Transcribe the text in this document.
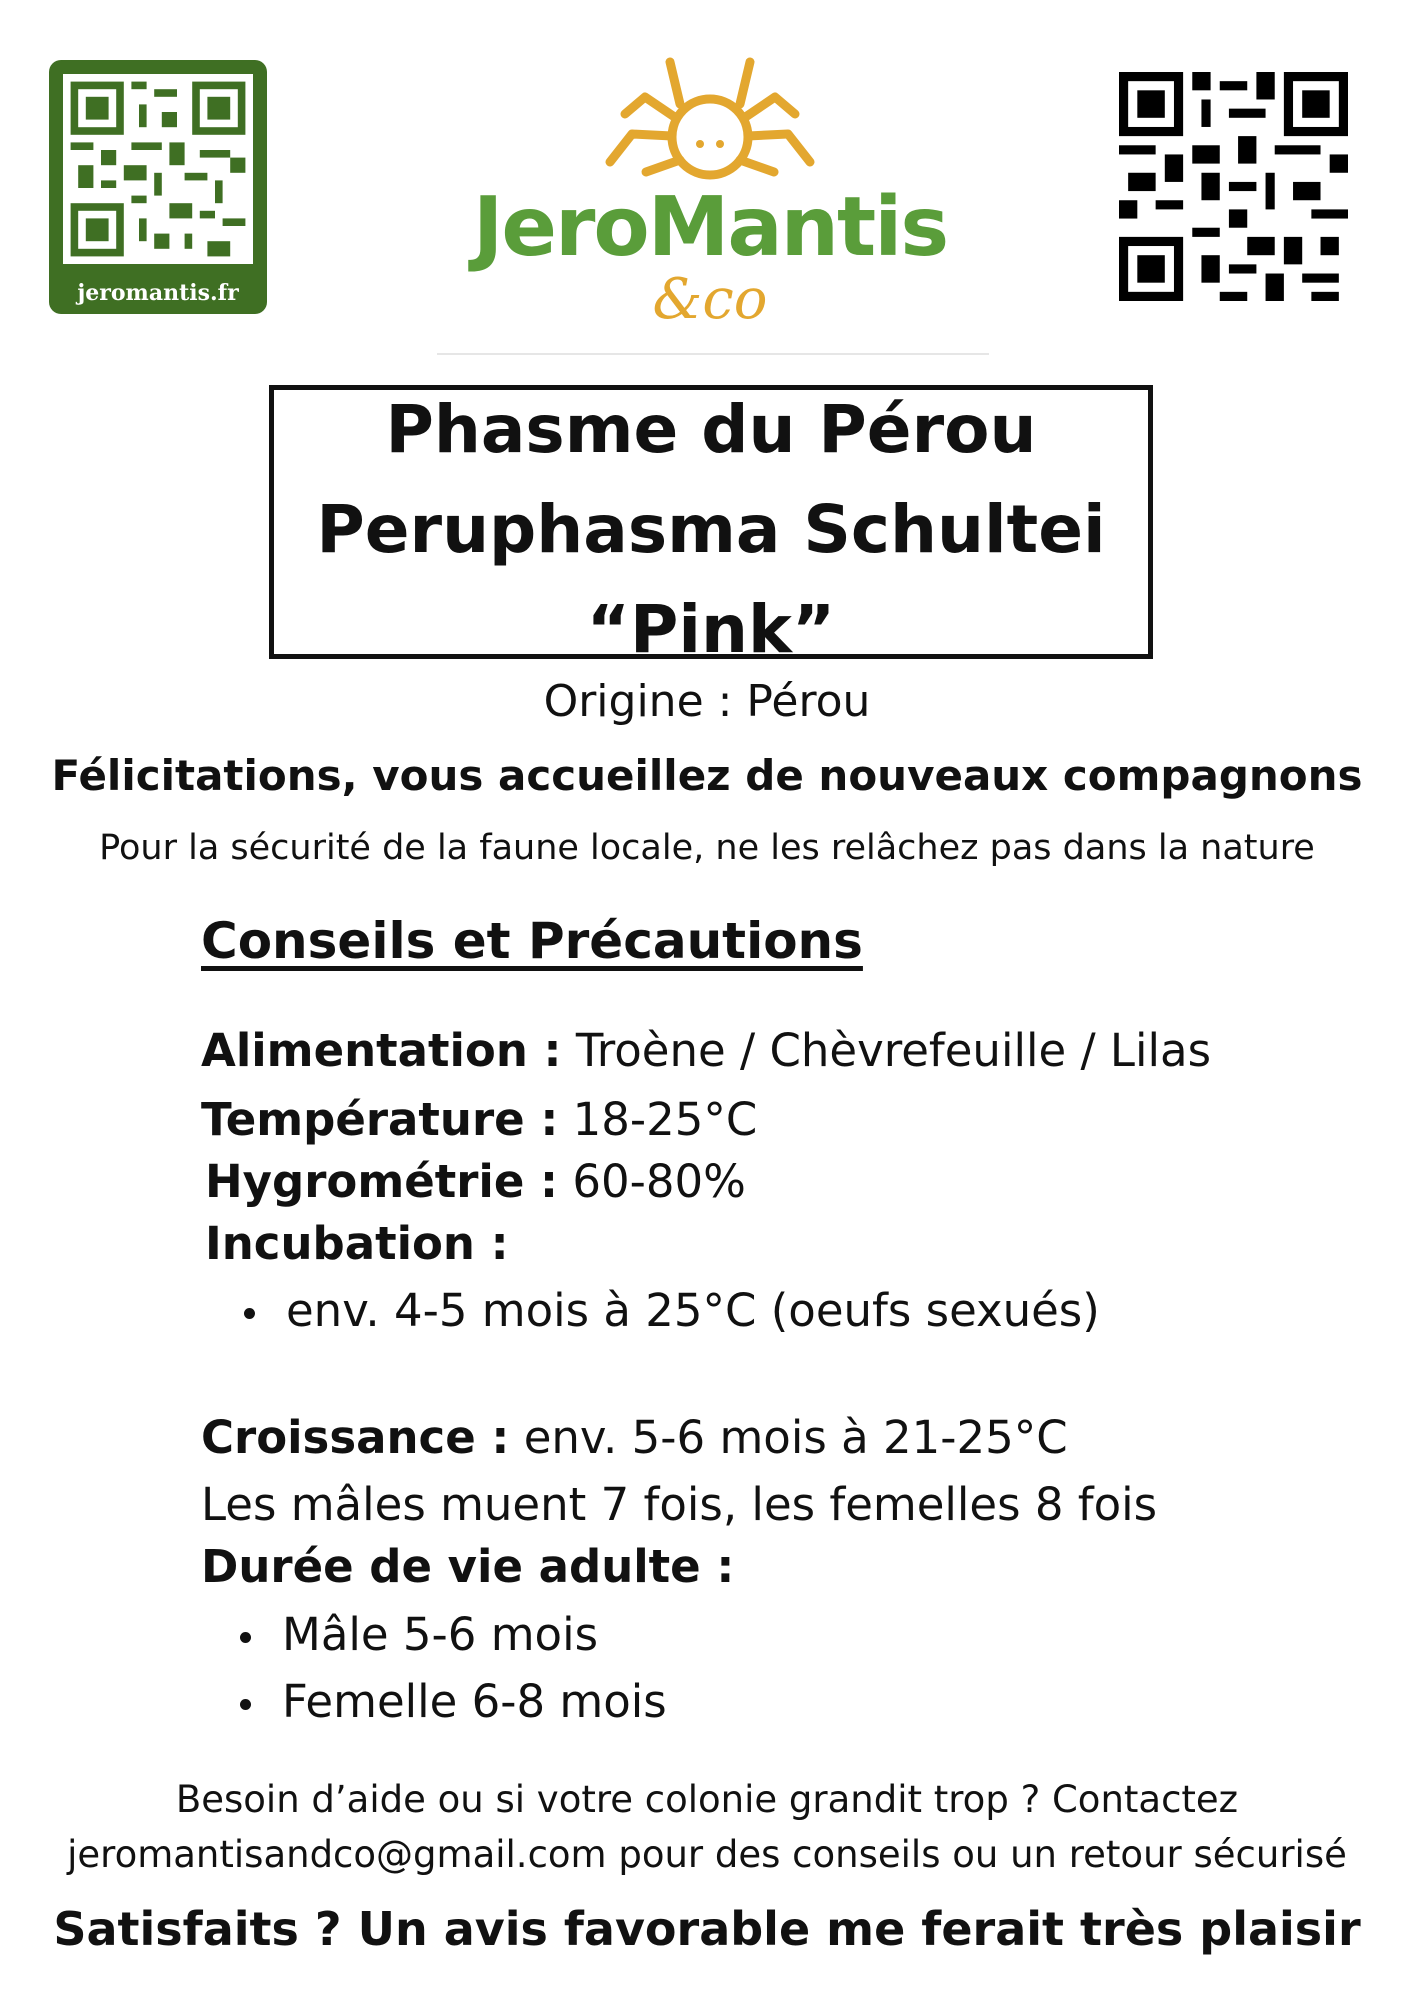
jeromantis.fr
JeroMantis
&co
Phasme du Pérou
Peruphasma Schultei
“Pink”
Origine : Pérou
Félicitations, vous accueillez de nouveaux compagnons
Pour la sécurité de la faune locale, ne les relâchez pas dans la nature
Conseils et Précautions
Alimentation : Troène / Chèvrefeuille / Lilas
Température : 18-25°C
Hygrométrie : 60-80%
Incubation :
env. 4-5 mois à 25°C (oeufs sexués)
Croissance : env. 5-6 mois à 21-25°C
Les mâles muent 7 fois, les femelles 8 fois
Durée de vie adulte :
Mâle 5-6 mois
Femelle 6-8 mois
Besoin d’aide ou si votre colonie grandit trop ? Contactez
jeromantisandco@gmail.com pour des conseils ou un retour sécurisé
Satisfaits ? Un avis favorable me ferait très plaisir
